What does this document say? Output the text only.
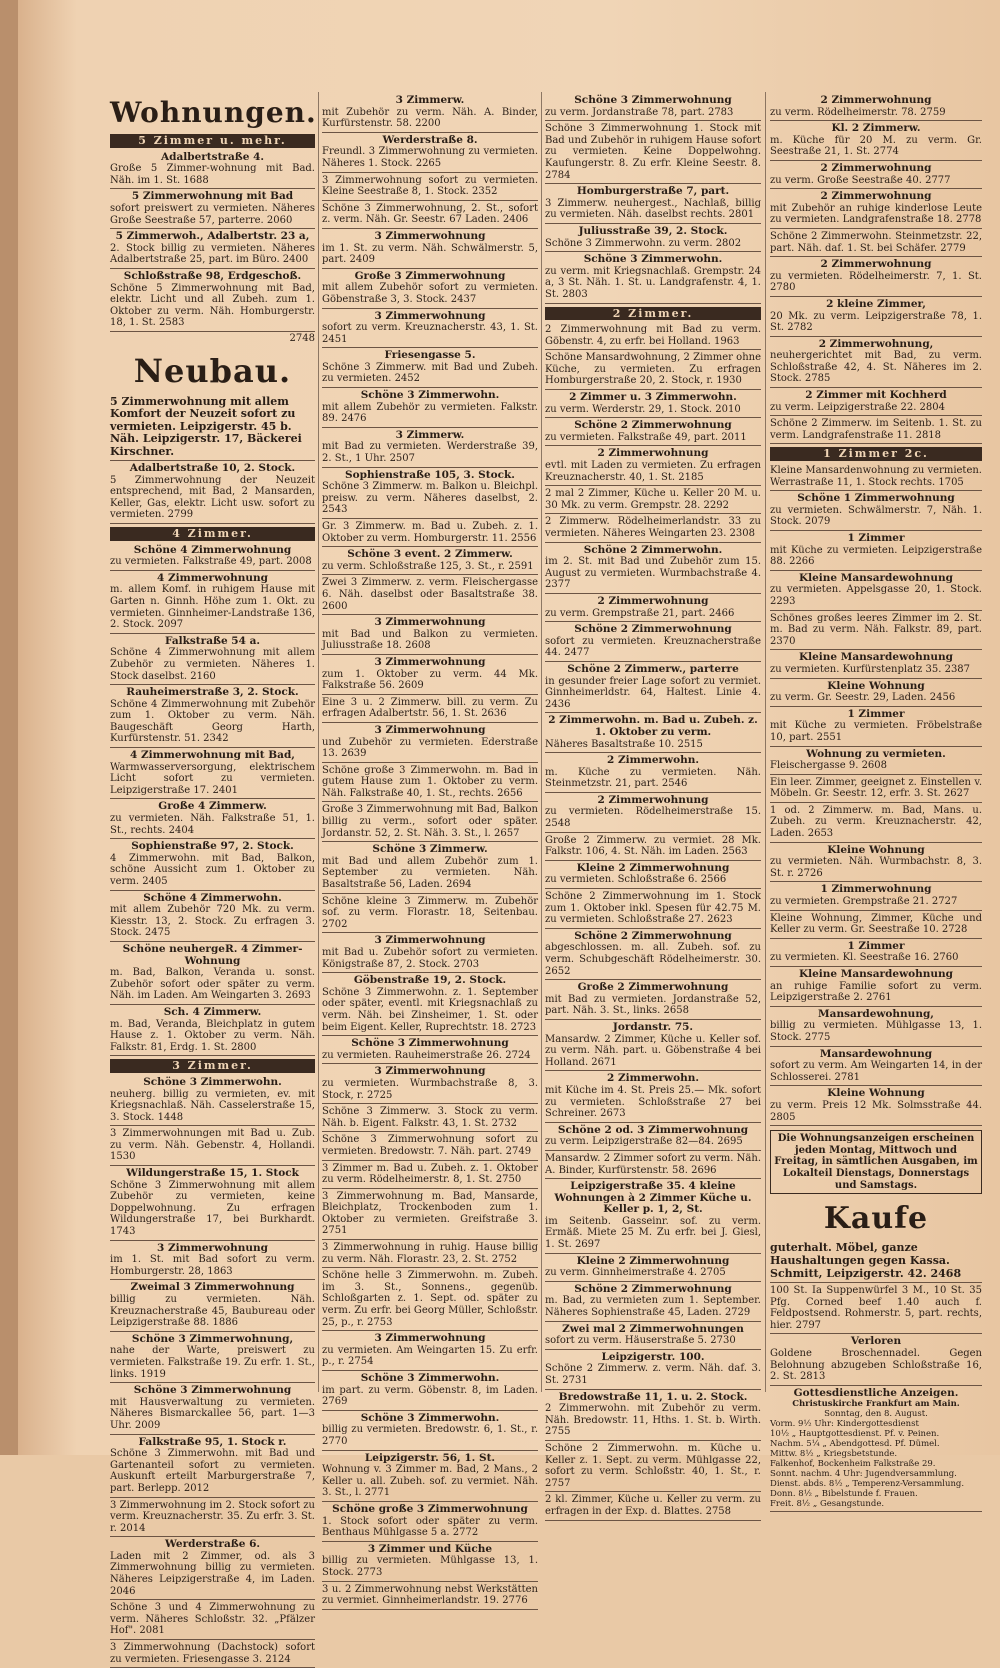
Wohnungen.
5 Zimmer u. mehr.
Adalbertstraße 4.
Große 5 Zimmer-wohnung mit Bad. Näh. im 1. St. 1688
5 Zimmerwohnung mit Bad
sofort preiswert zu vermieten. Näheres Große Seestraße 57, parterre. 2060
5 Zimmerwoh., Adalbertstr. 23 a,
2. Stock billig zu vermieten. Näheres Adalbertstraße 25, part. im Büro. 2400
Schloßstraße 98, Erdgeschoß.
Schöne 5 Zimmerwohnung mit Bad, elektr. Licht und all Zubeh. zum 1. Oktober zu verm. Näh. Homburgerstr. 18, 1. St. 2583
2748
Neubau.
5 Zimmerwohnung mit allem Komfort der Neuzeit sofort zu vermieten. Leipzigerstr. 45 b. Näh. Leipzigerstr. 17, Bäckerei Kirschner.
Adalbertstraße 10, 2. Stock.
5 Zimmerwohnung der Neuzeit entsprechend, mit Bad, 2 Mansarden, Keller, Gas, elektr. Licht usw. sofort zu vermieten. 2799
4 Zimmer.
Schöne 4 Zimmerwohnung
zu vermieten. Falkstraße 49, part. 2008
4 Zimmerwohnung
m. allem Komf. in ruhigem Hause mit Garten n. Ginnh. Höhe zum 1. Okt. zu vermieten. Ginnheimer-Landstraße 136, 2. Stock. 2097
Falkstraße 54 a.
Schöne 4 Zimmerwohnung mit allem Zubehör zu vermieten. Näheres 1. Stock daselbst. 2160
Rauheimerstraße 3, 2. Stock.
Schöne 4 Zimmerwohnung mit Zubehör zum 1. Oktober zu verm. Näh. Baugeschäft Georg Harth, Kurfürstenstr. 51. 2342
4 Zimmerwohnung mit Bad,
Warmwasserversorgung, elektrischem Licht sofort zu vermieten. Leipzigerstraße 17. 2401
Große 4 Zimmerw.
zu vermieten. Näh. Falkstraße 51, 1. St., rechts. 2404
Sophienstraße 97, 2. Stock.
4 Zimmerwohn. mit Bad, Balkon, schöne Aussicht zum 1. Oktober zu verm. 2405
Schöne 4 Zimmerwohn.
mit allem Zubehör 720 Mk. zu verm. Kiesstr. 13, 2. Stock. Zu erfragen 3. Stock. 2475
Schöne neuhergeR. 4 Zimmer-Wohnung
m. Bad, Balkon, Veranda u. sonst. Zubehör sofort oder später zu verm. Näh. im Laden. Am Weingarten 3. 2693
Sch. 4 Zimmerw.
m. Bad, Veranda, Bleichplatz in gutem Hause z. 1. Oktober zu verm. Näh. Falkstr. 81, Erdg. 1. St. 2800
3 Zimmer.
Schöne 3 Zimmerwohn.
neuherg. billig zu vermieten, ev. mit Kriegsnachlaß. Näh. Casselerstraße 15, 3. Stock. 1448
3 Zimmerwohnungen mit Bad u. Zub. zu verm. Näh. Gebenstr. 4, Hollandi. 1530
Wildungerstraße 15, 1. Stock
Schöne 3 Zimmerwohnung mit allem Zubehör zu vermieten, keine Doppelwohnung. Zu erfragen Wildungerstraße 17, bei Burkhardt. 1743
3 Zimmerwohnung
im 1. St. mit Bad sofort zu verm. Homburgerstr. 28, 1863
Zweimal 3 Zimmerwohnung
billig zu vermieten. Näh. Kreuznacherstraße 45, Baubureau oder Leipzigerstraße 88. 1886
Schöne 3 Zimmerwohnung,
nahe der Warte, preiswert zu vermieten. Falkstraße 19. Zu erfr. 1. St., links. 1919
Schöne 3 Zimmerwohnung
mit Hausverwaltung zu vermieten. Näheres Bismarckallee 56, part. 1—3 Uhr. 2009
Falkstraße 95, 1. Stock r.
Schöne 3 Zimmerwohn. mit Bad und Gartenanteil sofort zu vermieten. Auskunft erteilt Marburgerstraße 7, part. Berlepp. 2012
3 Zimmerwohnung im 2. Stock sofort zu verm. Kreuznacherstr. 35. Zu erfr. 3. St. r. 2014
Werderstraße 6.
Laden mit 2 Zimmer, od. als 3 Zimmerwohnung billig zu vermieten. Näheres Leipzigerstraße 4, im Laden. 2046
Schöne 3 und 4 Zimmerwohnung zu verm. Näheres Schloßstr. 32. „Pfälzer Hof". 2081
3 Zimmerwohnung (Dachstock) sofort zu vermieten. Friesengasse 3. 2124
3 Zimmerw.
mit Zubehör zu verm. Näh. A. Binder, Kurfürstenstr. 58. 2200
Werderstraße 8.
Freundl. 3 Zimmerwohnung zu vermieten. Näheres 1. Stock. 2265
3 Zimmerwohnung sofort zu vermieten. Kleine Seestraße 8, 1. Stock. 2352
Schöne 3 Zimmerwohnung, 2. St., sofort z. verm. Näh. Gr. Seestr. 67 Laden. 2406
3 Zimmerwohnung
im 1. St. zu verm. Näh. Schwälmerstr. 5, part. 2409
Große 3 Zimmerwohnung
mit allem Zubehör sofort zu vermieten. Göbenstraße 3, 3. Stock. 2437
3 Zimmerwohnung
sofort zu verm. Kreuznacherstr. 43, 1. St. 2451
Friesengasse 5.
Schöne 3 Zimmerw. mit Bad und Zubeh. zu vermieten. 2452
Schöne 3 Zimmerwohn.
mit allem Zubehör zu vermieten. Falkstr. 89. 2476
3 Zimmerw.
mit Bad zu vermieten. Werderstraße 39, 2. St., 1 Uhr. 2507
Sophienstraße 105, 3. Stock.
Schöne 3 Zimmerw. m. Balkon u. Bleichpl. preisw. zu verm. Näheres daselbst, 2. 2543
Gr. 3 Zimmerw. m. Bad u. Zubeh. z. 1. Oktober zu verm. Homburgerstr. 11. 2556
Schöne 3 event. 2 Zimmerw.
zu verm. Schloßstraße 125, 3. St., r. 2591
Zwei 3 Zimmerw. z. verm. Fleischergasse 6. Näh. daselbst oder Basaltstraße 38. 2600
3 Zimmerwohnung
mit Bad und Balkon zu vermieten. Juliusstraße 18. 2608
3 Zimmerwohnung
zum 1. Oktober zu verm. 44 Mk. Falkstraße 56. 2609
Eine 3 u. 2 Zimmerw. bill. zu verm. Zu erfragen Adalbertstr. 56, 1. St. 2636
3 Zimmerwohnung
und Zubehör zu vermieten. Ederstraße 13. 2639
Schöne große 3 Zimmerwohn. m. Bad in gutem Hause zum 1. Oktober zu verm. Näh. Falkstraße 40, 1. St., rechts. 2656
Große 3 Zimmerwohnung mit Bad, Balkon billig zu verm., sofort oder später. Jordanstr. 52, 2. St. Näh. 3. St., l. 2657
Schöne 3 Zimmerw.
mit Bad und allem Zubehör zum 1. September zu vermieten. Näh. Basaltstraße 56, Laden. 2694
Schöne kleine 3 Zimmerw. m. Zubehör sof. zu verm. Florastr. 18, Seitenbau. 2702
3 Zimmerwohnung
mit Bad u. Zubehör sofort zu vermieten. Königstraße 87, 2. Stock. 2703
Göbenstraße 19, 2. Stock.
Schöne 3 Zimmerwohn. z. 1. September oder später, eventl. mit Kriegsnachlaß zu verm. Näh. bei Zinsheimer, 1. St. oder beim Eigent. Keller, Ruprechtstr. 18. 2723
Schöne 3 Zimmerwohnung
zu vermieten. Rauheimerstraße 26. 2724
3 Zimmerwohnung
zu vermieten. Wurmbachstraße 8, 3. Stock, r. 2725
Schöne 3 Zimmerw. 3. Stock zu verm. Näh. b. Eigent. Falkstr. 43, 1. St. 2732
Schöne 3 Zimmerwohnung sofort zu vermieten. Bredowstr. 7. Näh. part. 2749
3 Zimmer m. Bad u. Zubeh. z. 1. Oktober zu verm. Rödelheimerstr. 8, 1. St. 2750
3 Zimmerwohnung m. Bad, Mansarde, Bleichplatz, Trockenboden zum 1. Oktober zu vermieten. Greifstraße 3. 2751
3 Zimmerwohnung in ruhig. Hause billig zu verm. Näh. Florastr. 23, 2. St. 2752
Schöne helle 3 Zimmerwohn. m. Zubeh. im 3. St., Sonnens., gegenüb. Schloßgarten z. 1. Sept. od. später zu verm. Zu erfr. bei Georg Müller, Schloßstr. 25, p., r. 2753
3 Zimmerwohnung
zu vermieten. Am Weingarten 15. Zu erfr. p., r. 2754
Schöne 3 Zimmerwohn.
im part. zu verm. Göbenstr. 8, im Laden. 2769
Schöne 3 Zimmerwohn.
billig zu vermieten. Bredowstr. 6, 1. St., r. 2770
Leipzigerstr. 56, 1. St.
Wohnung v. 3 Zimmer m. Bad, 2 Mans., 2 Keller u. all. Zubeh. sof. zu vermiet. Näh. 3. St., l. 2771
Schöne große 3 Zimmerwohnung
1. Stock sofort oder später zu verm. Benthaus Mühlgasse 5 a. 2772
3 Zimmer und Küche
billig zu vermieten. Mühlgasse 13, 1. Stock. 2773
3 u. 2 Zimmerwohnung nebst Werkstätten zu vermiet. Ginnheimerlandstr. 19. 2776
Schöne 3 Zimmerwohnung
zu verm. Jordanstraße 78, part. 2783
Schöne 3 Zimmerwohnung 1. Stock mit Bad und Zubehör in ruhigem Hause sofort zu vermieten. Keine Doppelwohng. Kaufungerstr. 8. Zu erfr. Kleine Seestr. 8. 2784
Homburgerstraße 7, part.
3 Zimmerw. neuhergest., Nachlaß, billig zu vermieten. Näh. daselbst rechts. 2801
Juliusstraße 39, 2. Stock.
Schöne 3 Zimmerwohn. zu verm. 2802
Schöne 3 Zimmerwohn.
zu verm. mit Kriegsnachlaß. Grempstr. 24 a, 3 St. Näh. 1. St. u. Landgrafenstr. 4, 1. St. 2803
2 Zimmer.
2 Zimmerwohnung mit Bad zu verm. Göbenstr. 4, zu erfr. bei Holland. 1963
Schöne Mansardwohnung, 2 Zimmer ohne Küche, zu vermieten. Zu erfragen Homburgerstraße 20, 2. Stock, r. 1930
2 Zimmer u. 3 Zimmerwohn.
zu verm. Werderstr. 29, 1. Stock. 2010
Schöne 2 Zimmerwohnung
zu vermieten. Falkstraße 49, part. 2011
2 Zimmerwohnung
evtl. mit Laden zu vermieten. Zu erfragen Kreuznacherstr. 40, 1. St. 2185
2 mal 2 Zimmer, Küche u. Keller 20 M. u. 30 Mk. zu verm. Grempstr. 28. 2292
2 Zimmerw. Rödelheimerlandstr. 33 zu vermieten. Näheres Weingarten 23. 2308
Schöne 2 Zimmerwohn.
im 2. St. mit Bad und Zubehör zum 15. August zu vermieten. Wurmbachstraße 4. 2377
2 Zimmerwohnung
zu verm. Grempstraße 21, part. 2466
Schöne 2 Zimmerwohnung
sofort zu vermieten. Kreuznacherstraße 44. 2477
Schöne 2 Zimmerw., parterre
in gesunder freier Lage sofort zu vermiet. Ginnheimerldstr. 64, Haltest. Linie 4. 2436
2 Zimmerwohn. m. Bad u. Zubeh. z. 1. Oktober zu verm.
Näheres Basaltstraße 10. 2515
2 Zimmerwohn.
m. Küche zu vermieten. Näh. Steinmetzstr. 21, part. 2546
2 Zimmerwohnung
zu vermieten. Rödelheimerstraße 15. 2548
Große 2 Zimmerw. zu vermiet. 28 Mk. Falkstr. 106, 4. St. Näh. im Laden. 2563
Kleine 2 Zimmerwohnung
zu vermieten. Schloßstraße 6. 2566
Schöne 2 Zimmerwohnung im 1. Stock zum 1. Oktober inkl. Spesen für 42.75 M. zu vermieten. Schloßstraße 27. 2623
Schöne 2 Zimmerwohnung
abgeschlossen. m. all. Zubeh. sof. zu verm. Schubgeschäft Rödelheimerstr. 30. 2652
Große 2 Zimmerwohnung
mit Bad zu vermieten. Jordanstraße 52, part. Näh. 3. St., links. 2658
Jordanstr. 75.
Mansardw. 2 Zimmer, Küche u. Keller sof. zu verm. Näh. part. u. Göbenstraße 4 bei Holland. 2671
2 Zimmerwohn.
mit Küche im 4. St. Preis 25.— Mk. sofort zu vermieten. Schloßstraße 27 bei Schreiner. 2673
Schöne 2 od. 3 Zimmerwohnung
zu verm. Leipzigerstraße 82—84. 2695
Mansardw. 2 Zimmer sofort zu verm. Näh. A. Binder, Kurfürstenstr. 58. 2696
Leipzigerstraße 35. 4 kleine Wohnungen à 2 Zimmer Küche u. Keller p. 1, 2, St.
im Seitenb. Gasseinr. sof. zu verm. Ermäß. Miete 25 M. Zu erfr. bei J. Giesl, 1. St. 2697
Kleine 2 Zimmerwohnung
zu verm. Ginnheimerstraße 4. 2705
Schöne 2 Zimmerwohnung
m. Bad, zu vermieten zum 1. September. Näheres Sophienstraße 45, Laden. 2729
Zwei mal 2 Zimmerwohnungen
sofort zu verm. Häuserstraße 5. 2730
Leipzigerstr. 100.
Schöne 2 Zimmerw. z. verm. Näh. daf. 3. St. 2731
Bredowstraße 11, 1. u. 2. Stock.
2 Zimmerwohn. mit Zubehör zu verm. Näh. Bredowstr. 11, Hths. 1. St. b. Wirth. 2755
Schöne 2 Zimmerwohn. m. Küche u. Keller z. 1. Sept. zu verm. Mühlgasse 22, sofort zu verm. Schloßstr. 40, 1. St., r. 2757
2 kl. Zimmer, Küche u. Keller zu verm. zu erfragen in der Exp. d. Blattes. 2758
2 Zimmerwohnung
zu verm. Rödelheimerstr. 78. 2759
Kl. 2 Zimmerw.
m. Küche für 20 M. zu verm. Gr. Seestraße 21, 1. St. 2774
2 Zimmerwohnung
zu verm. Große Seestraße 40. 2777
2 Zimmerwohnung
mit Zubehör an ruhige kinderlose Leute zu vermieten. Landgrafenstraße 18. 2778
Schöne 2 Zimmerwohn. Steinmetzstr. 22, part. Näh. daf. 1. St. bei Schäfer. 2779
2 Zimmerwohnung
zu vermieten. Rödelheimerstr. 7, 1. St. 2780
2 kleine Zimmer,
20 Mk. zu verm. Leipzigerstraße 78, 1. St. 2782
2 Zimmerwohnung,
neuhergerichtet mit Bad, zu verm. Schloßstraße 42, 4. St. Näheres im 2. Stock. 2785
2 Zimmer mit Kochherd
zu verm. Leipzigerstraße 22. 2804
Schöne 2 Zimmerw. im Seitenb. 1. St. zu verm. Landgrafenstraße 11. 2818
1 Zimmer 2c.
Kleine Mansardenwohnung zu vermieten. Werrastraße 11, 1. Stock rechts. 1705
Schöne 1 Zimmerwohnung
zu vermieten. Schwälmerstr. 7, Näh. 1. Stock. 2079
1 Zimmer
mit Küche zu vermieten. Leipzigerstraße 88. 2266
Kleine Mansardewohnung
zu vermieten. Appelsgasse 20, 1. Stock. 2293
Schönes großes leeres Zimmer im 2. St. m. Bad zu verm. Näh. Falkstr. 89, part. 2370
Kleine Mansardewohnung
zu vermieten. Kurfürstenplatz 35. 2387
Kleine Wohnung
zu verm. Gr. Seestr. 29, Laden. 2456
1 Zimmer
mit Küche zu vermieten. Fröbelstraße 10, part. 2551
Wohnung zu vermieten.
Fleischergasse 9. 2608
Ein leer. Zimmer, geeignet z. Einstellen v. Möbeln. Gr. Seestr. 12, erfr. 3. St. 2627
1 od. 2 Zimmerw. m. Bad, Mans. u. Zubeh. zu verm. Kreuznacherstr. 42, Laden. 2653
Kleine Wohnung
zu vermieten. Näh. Wurmbachstr. 8, 3. St. r. 2726
1 Zimmerwohnung
zu vermieten. Grempstraße 21. 2727
Kleine Wohnung, Zimmer, Küche und Keller zu verm. Gr. Seestraße 10. 2728
1 Zimmer
zu vermieten. Kl. Seestraße 16. 2760
Kleine Mansardewohnung
an ruhige Familie sofort zu verm. Leipzigerstraße 2. 2761
Mansardewohnung,
billig zu vermieten. Mühlgasse 13, 1. Stock. 2775
Mansardewohnung
sofort zu verm. Am Weingarten 14, in der Schlosserei. 2781
Kleine Wohnung
zu verm. Preis 12 Mk. Solmsstraße 44. 2805
Die Wohnungsanzeigen erscheinen jeden Montag, Mittwoch und Freitag, in sämtlichen Ausgaben, im Lokalteil Dienstags, Donnerstags und Samstags.
Kaufe
guterhalt. Möbel, ganze Haushaltungen gegen Kassa. Schmitt, Leipzigerstr. 42. 2468
100 St. Ia Suppenwürfel 3 M., 10 St. 35 Pfg. Corned beef 1.40 auch f. Feldpostsend. Rohmerstr. 5, part. rechts, hier. 2797
Verloren
Goldene Broschennadel. Gegen Belohnung abzugeben Schloßstraße 16, 2. St. 2813
Gottesdienstliche Anzeigen.
Christuskirche Frankfurt am Main.
Sonntag, den 8. August.
Vorm. 9½ Uhr: Kindergottesdienst
10½ „ Hauptgottesdienst. Pf. v. Peinen.
Nachm. 5¼ „ Abendgottesd. Pf. Dümel.
Mittw. 8½ „ Kriegsbetstunde.
Falkenhof, Bockenheim Falkstraße 29.
Sonnt. nachm. 4 Uhr: Jugendversammlung.
Dienst. abds. 8½ „ Temperenz-Versammlung.
Donn. 8½ „ Bibelstunde f. Frauen.
Freit. 8½ „ Gesangstunde.
